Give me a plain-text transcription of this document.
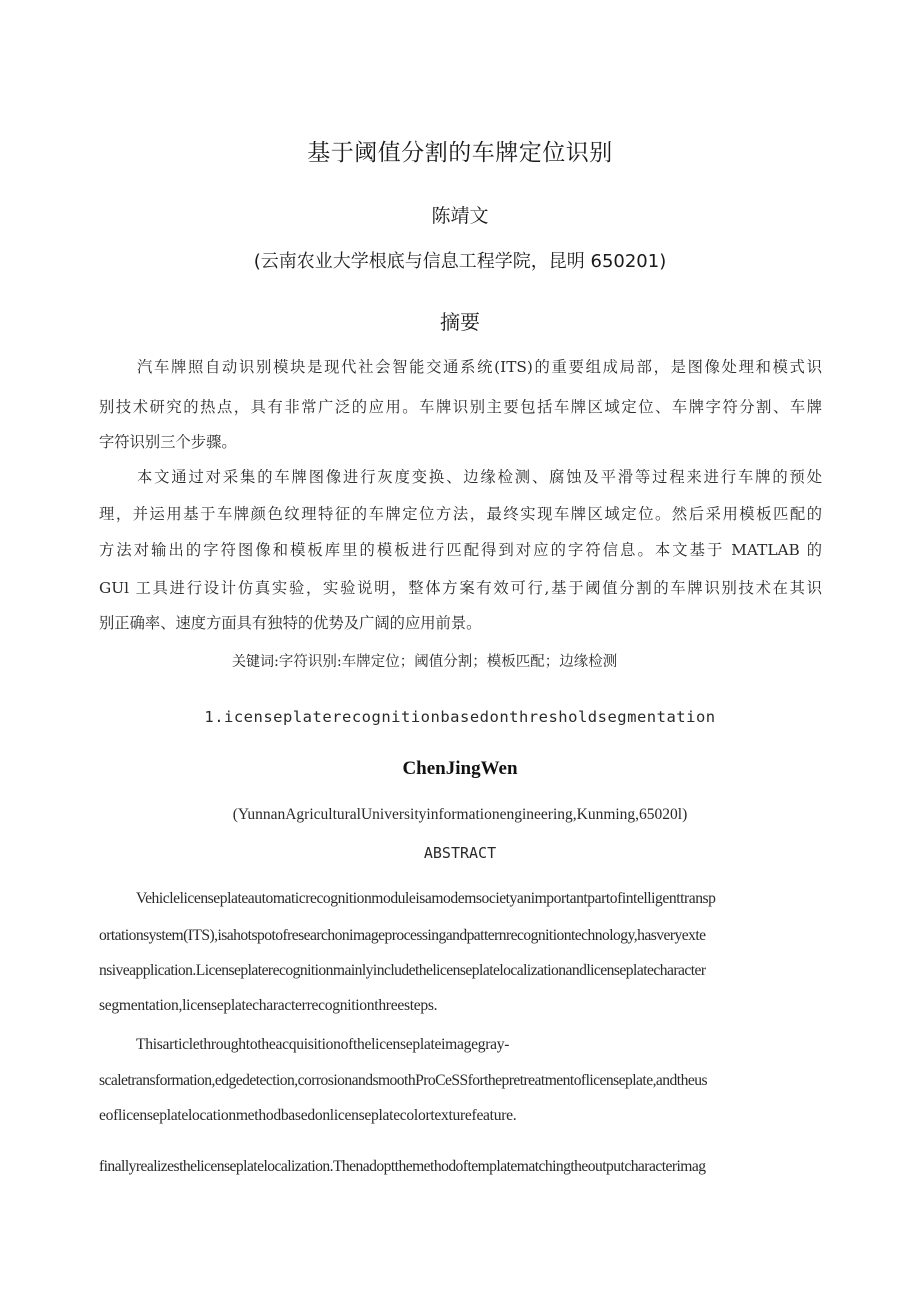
基于阈值分割的车牌定位识别
陈靖文
(云南农业大学根底与信息工程学院，昆明 650201)
摘要
汽车牌照自动识别模块是现代社会智能交通系统(ITS)的重要组成局部，是图像处理和模式识
别技术研究的热点，具有非常广泛的应用。车牌识别主要包括车牌区域定位、车牌字符分割、车牌
字符识别三个步骤。
本文通过对采集的车牌图像进行灰度变换、边缘检测、腐蚀及平滑等过程来进行车牌的预处
理，并运用基于车牌颜色纹理特征的车牌定位方法，最终实现车牌区域定位。然后采用模板匹配的
方法对输出的字符图像和模板库里的模板进行匹配得到对应的字符信息。本文基于 MATLAB 的
GUl 工具进行设计仿真实验，实验说明，整体方案有效可行,基于阈值分割的车牌识别技术在其识
别正确率、速度方面具有独特的优势及广阔的应用前景。
关键词:字符识别:车牌定位；阈值分割；模板匹配；边缘检测
1.icenseplaterecognitionbasedonthresholdsegmentation
ChenJingWen
(YunnanAgriculturalUniversityinformationengineering,Kunming,65020l)
ABSTRACT
Vehiclelicenseplateautomaticrecognitionmoduleisamodemsocietyanimportantpartofintelligenttransp
ortationsystem(ITS),isahotspotofresearchonimageprocessingandpatternrecognitiontechnology,hasveryexte
nsiveapplication.Licenseplaterecognitionmainlyincludethelicenseplatelocalizationandlicenseplatecharacter
segmentation,licenseplatecharacterrecognitionthreesteps.
Thisarticlethroughtotheacquisitionofthelicenseplateimagegray-
scaletransformation,edgedetection,corrosionandsmoothProCeSSforthepretreatmentoflicenseplate,andtheus
eoflicenseplatelocationmethodbasedonlicenseplatecolortexturefeature.
finallyrealizesthelicenseplatelocalization.Thenadoptthemethodoftemplatematchingtheoutputcharacterimag
